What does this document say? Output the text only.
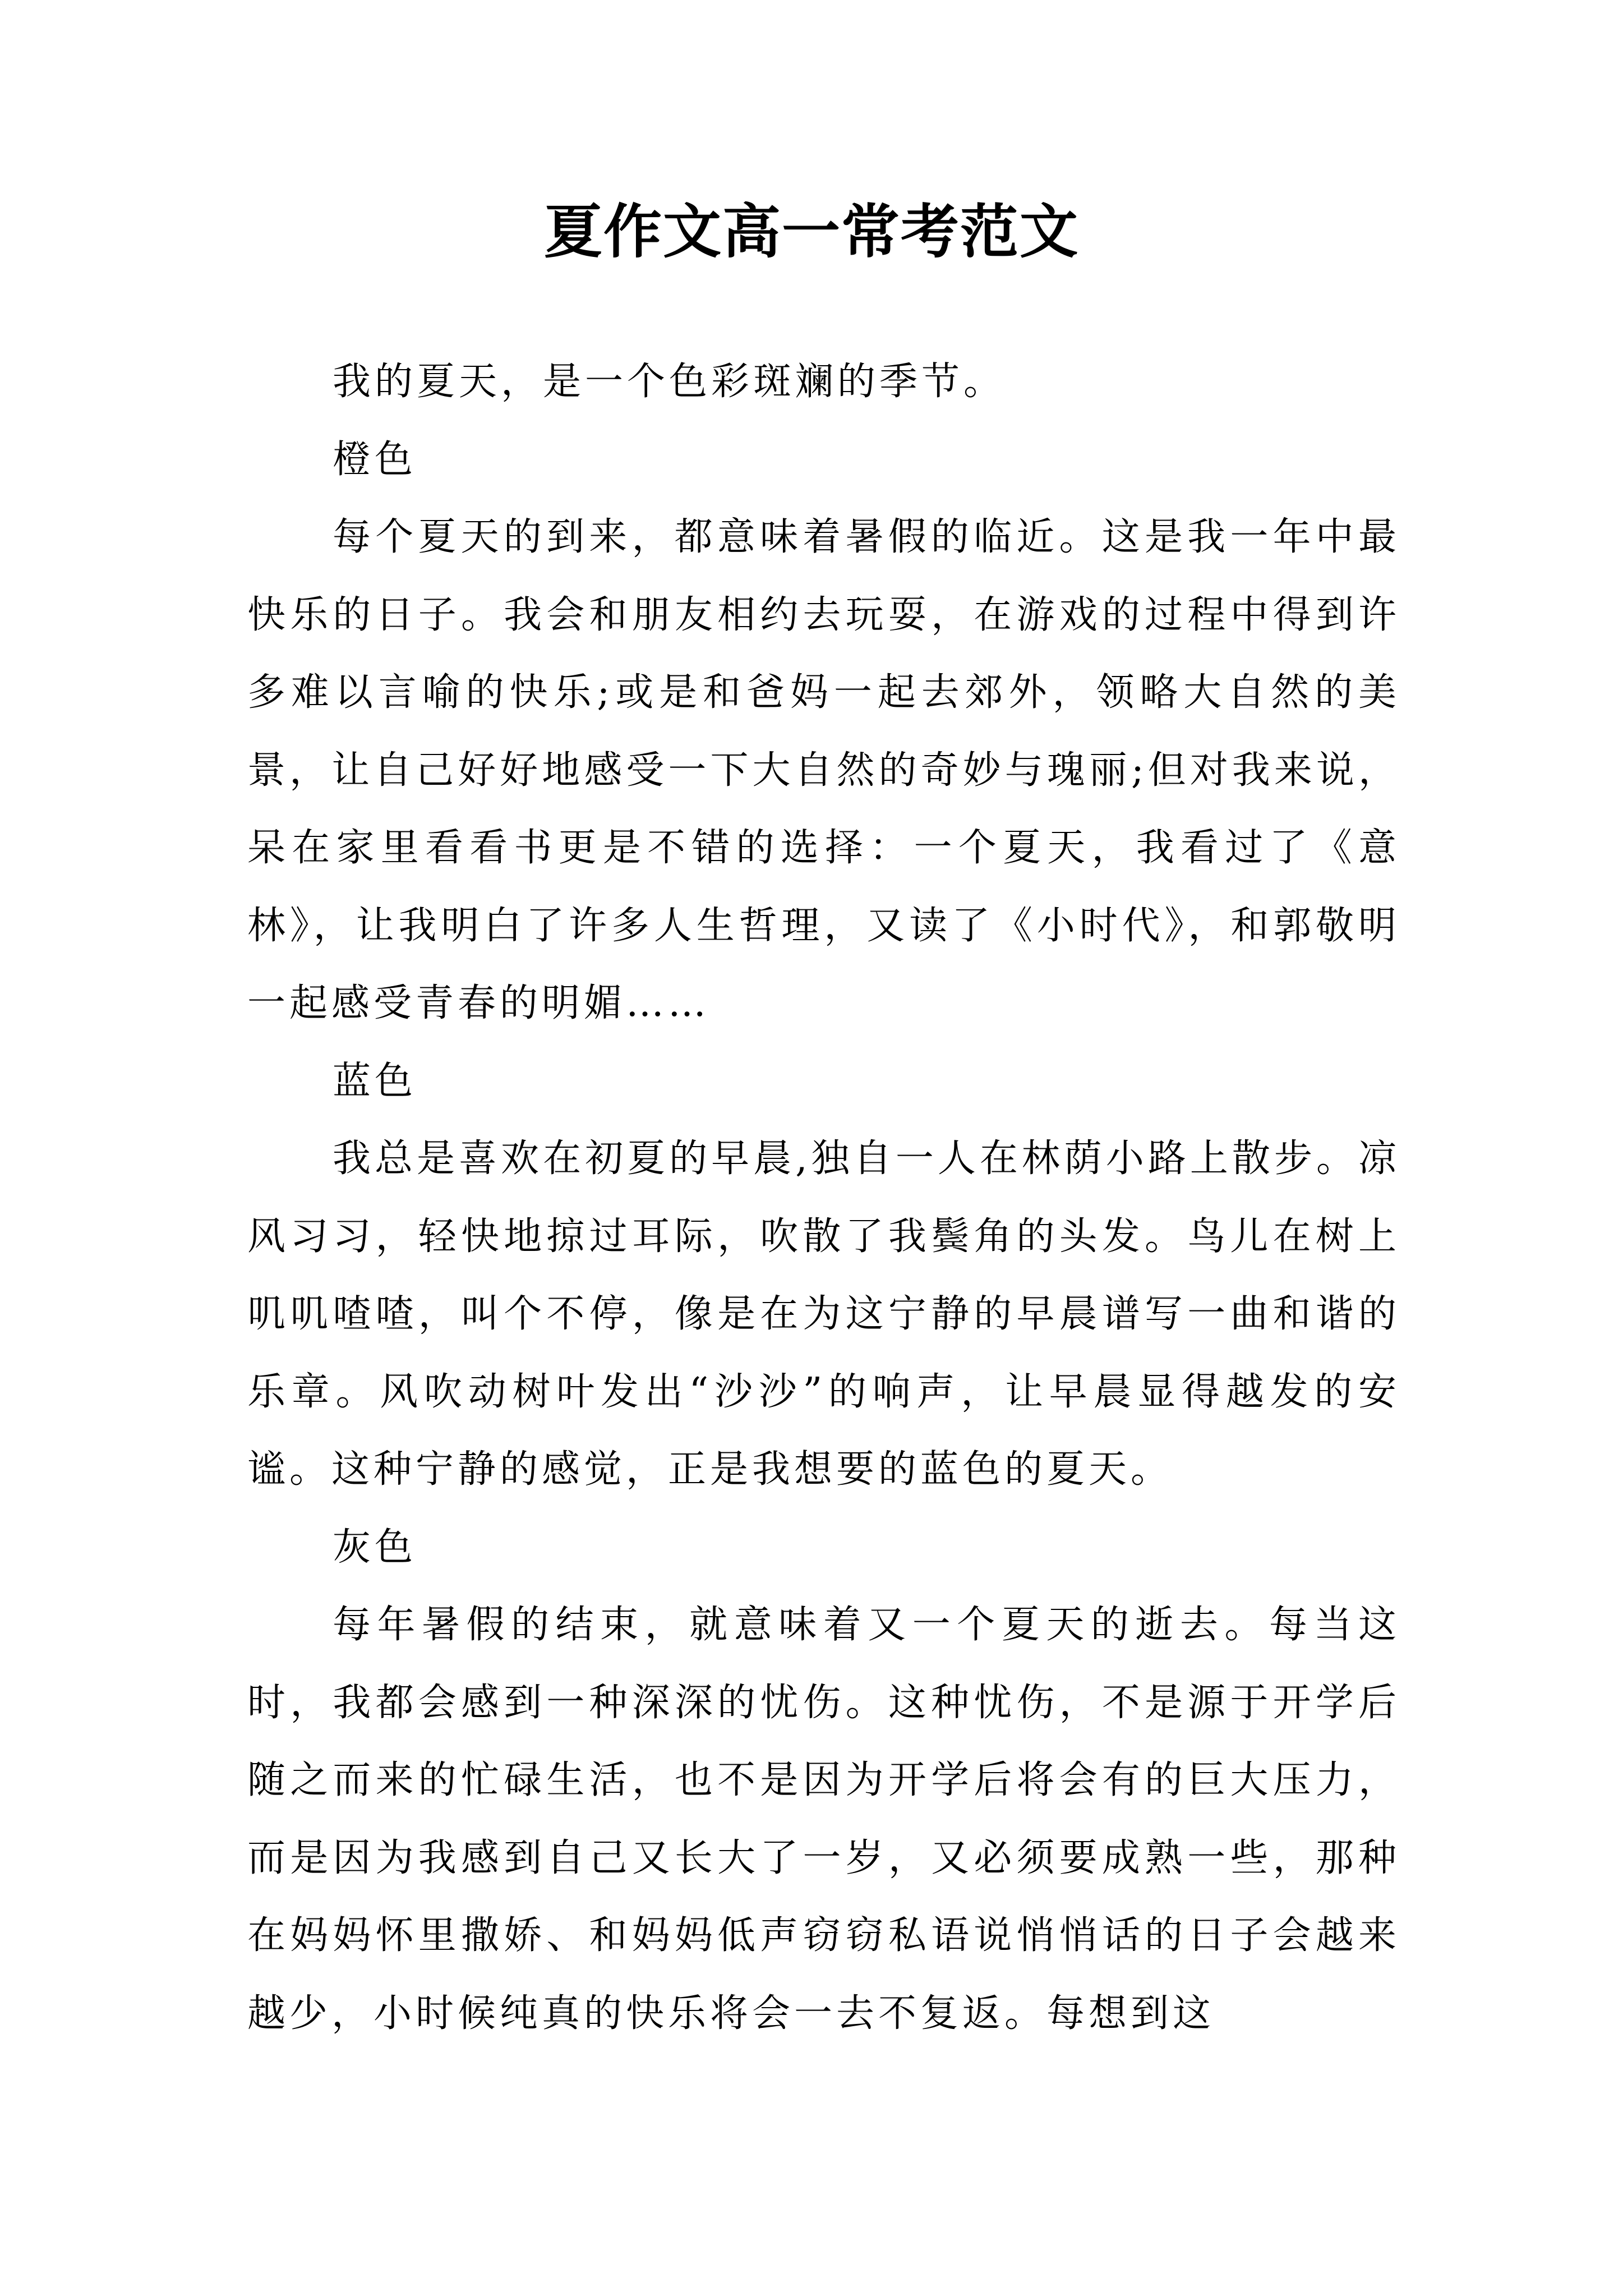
夏作文高一常考范文

我的夏天，是一个色彩斑斓的季节。

橙色

每个夏天的到来，都意味着暑假的临近。这是我一年中最快乐的日子。我会和朋友相约去玩耍，在游戏的过程中得到许多难以言喻的快乐;或是和爸妈一起去郊外，领略大自然的美景，让自己好好地感受一下大自然的奇妙与瑰丽;但对我来说，呆在家里看看书更是不错的选择：一个夏天，我看过了《意林》，让我明白了许多人生哲理，又读了《小时代》，和郭敬明一起感受青春的明媚……

蓝色

我总是喜欢在初夏的早晨,独自一人在林荫小路上散步。凉风习习，轻快地掠过耳际，吹散了我鬓角的头发。鸟儿在树上叽叽喳喳，叫个不停，像是在为这宁静的早晨谱写一曲和谐的乐章。风吹动树叶发出“沙沙”的响声，让早晨显得越发的安谧。这种宁静的感觉，正是我想要的蓝色的夏天。

灰色

每年暑假的结束，就意味着又一个夏天的逝去。每当这时，我都会感到一种深深的忧伤。这种忧伤，不是源于开学后随之而来的忙碌生活，也不是因为开学后将会有的巨大压力，而是因为我感到自己又长大了一岁，又必须要成熟一些，那种在妈妈怀里撒娇、和妈妈低声窃窃私语说悄悄话的日子会越来越少，小时候纯真的快乐将会一去不复返。每想到这
